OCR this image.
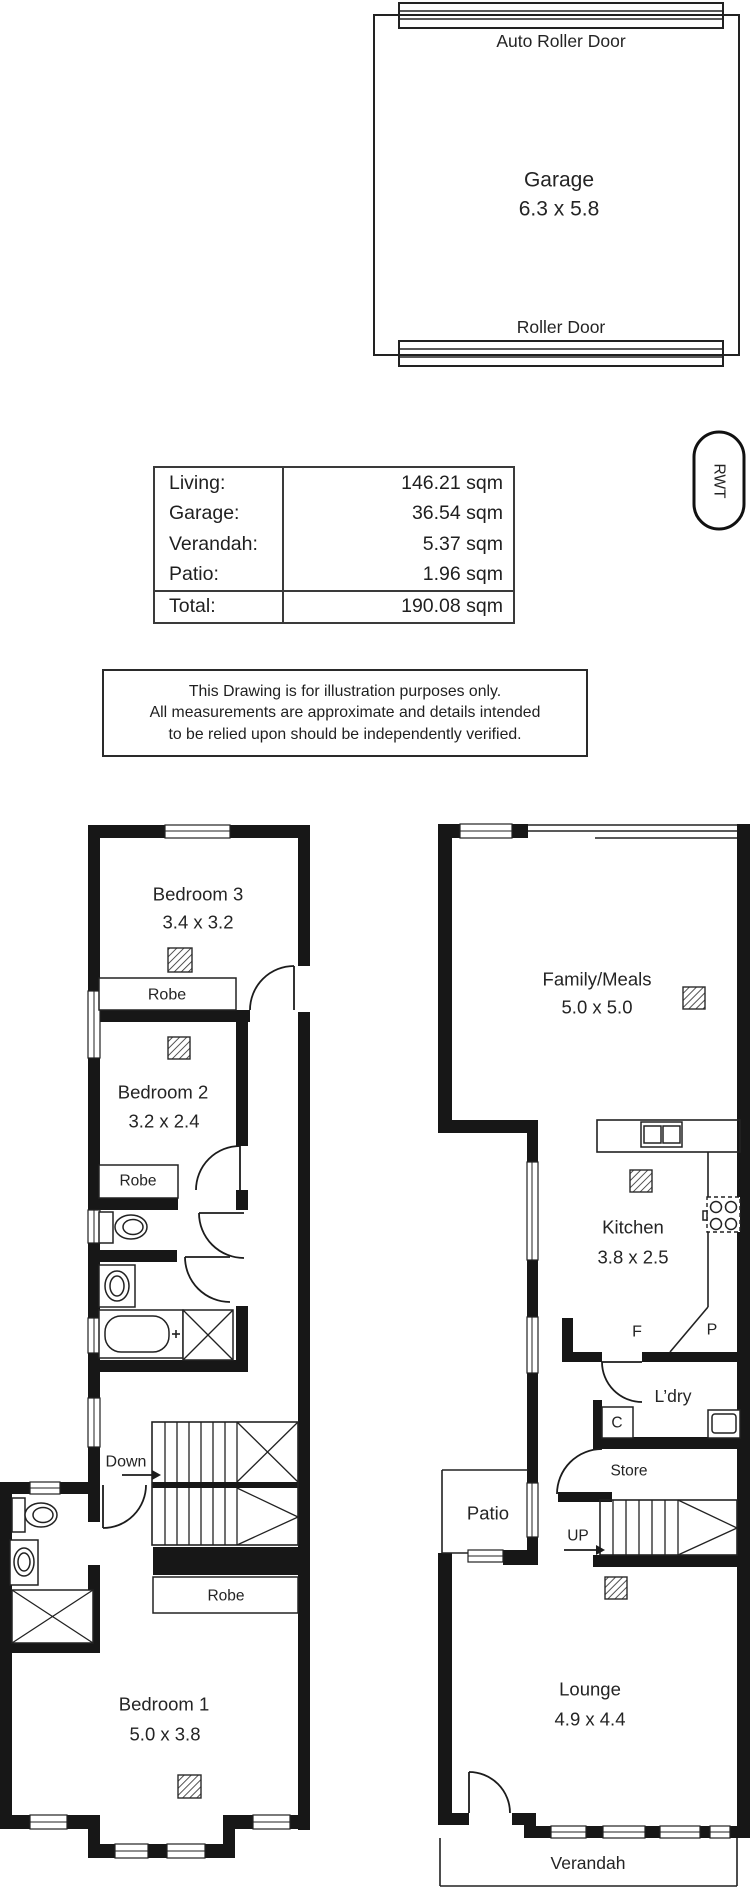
Auto Roller Door
Garage
6.3 x 5.8
Roller Door
RWT
Bedroom 3
3.4 x 3.2
Robe
Bedroom 2
3.2 x 2.4
Robe
Down
Robe
Bedroom 1
5.0 x 3.8
Family/Meals
5.0 x 5.0
Kitchen
3.8 x 2.5
F	P
L’dry
C
Store
UP
Patio
Lounge
4.9 x 4.4
Verandah
Living:	146.21 sqm
Garage:	36.54 sqm
Verandah:	5.37 sqm
Patio:	1.96 sqm
Total:	190.08 sqm
This Drawing is for illustration purposes only.
All measurements are approximate and details intended
to be relied upon should be independently verified.
